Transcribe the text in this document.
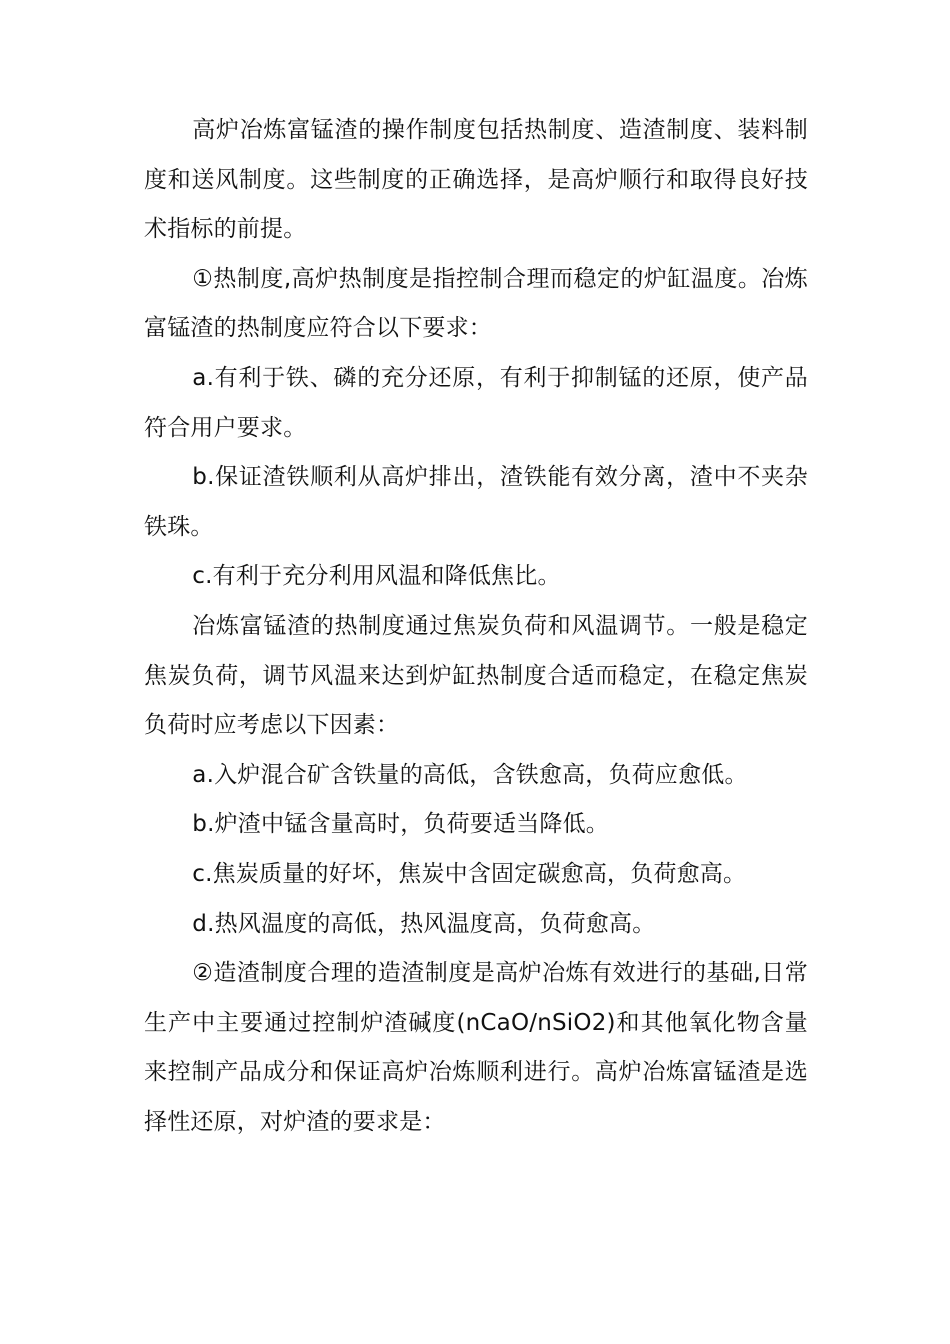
高炉冶炼富锰渣的操作制度包括热制度、造渣制度、装料制度和送风制度。这些制度的正确选择，是高炉顺行和取得良好技术指标的前提。

①热制度,高炉热制度是指控制合理而稳定的炉缸温度。冶炼富锰渣的热制度应符合以下要求：

a.有利于铁、磷的充分还原，有利于抑制锰的还原，使产品符合用户要求。

b.保证渣铁顺利从高炉排出，渣铁能有效分离，渣中不夹杂铁珠。

c.有利于充分利用风温和降低焦比。

冶炼富锰渣的热制度通过焦炭负荷和风温调节。一般是稳定焦炭负荷，调节风温来达到炉缸热制度合适而稳定，在稳定焦炭负荷时应考虑以下因素：

a.入炉混合矿含铁量的高低，含铁愈高，负荷应愈低。

b.炉渣中锰含量高时，负荷要适当降低。

c.焦炭质量的好坏，焦炭中含固定碳愈高，负荷愈高。

d.热风温度的高低，热风温度高，负荷愈高。

②造渣制度合理的造渣制度是高炉冶炼有效进行的基础,日常生产中主要通过控制炉渣碱度(nCaO/nSiO2)和其他氧化物含量来控制产品成分和保证高炉冶炼顺利进行。高炉冶炼富锰渣是选择性还原，对炉渣的要求是：
